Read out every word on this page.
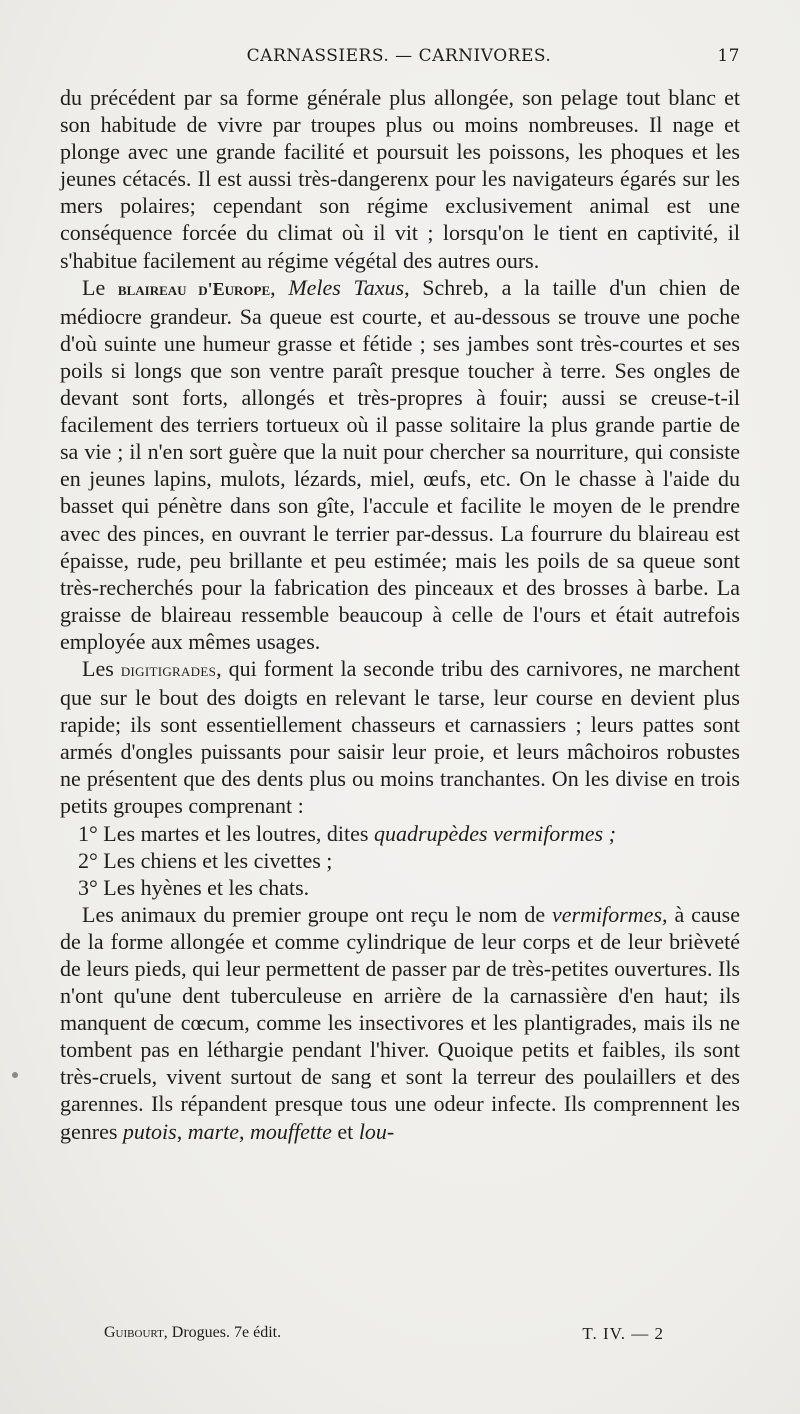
CARNASSIERS. — CARNIVORES.	17

du précédent par sa forme générale plus allongée, son pelage tout blanc et son habitude de vivre par troupes plus ou moins nombreuses. Il nage et plonge avec une grande facilité et poursuit les poissons, les phoques et les jeunes cétacés. Il est aussi très-dangerenx pour les navigateurs égarés sur les mers polaires; cependant son régime exclusivement animal est une conséquence forcée du climat où il vit ; lorsqu'on le tient en captivité, il s'habitue facilement au régime végétal des autres ours.

Le blaireau d'Europe, Meles Taxus, Schreb, a la taille d'un chien de médiocre grandeur. Sa queue est courte, et au-dessous se trouve une poche d'où suinte une humeur grasse et fétide ; ses jambes sont très-courtes et ses poils si longs que son ventre paraît presque toucher à terre. Ses ongles de devant sont forts, allongés et très-propres à fouir; aussi se creuse-t-il facilement des terriers tortueux où il passe solitaire la plus grande partie de sa vie ; il n'en sort guère que la nuit pour chercher sa nourriture, qui consiste en jeunes lapins, mulots, lézards, miel, œufs, etc. On le chasse à l'aide du basset qui pénètre dans son gîte, l'accule et facilite le moyen de le prendre avec des pinces, en ouvrant le terrier par-dessus. La fourrure du blaireau est épaisse, rude, peu brillante et peu estimée; mais les poils de sa queue sont très-recherchés pour la fabrication des pinceaux et des brosses à barbe. La graisse de blaireau ressemble beaucoup à celle de l'ours et était autrefois employée aux mêmes usages.

Les digitigrades, qui forment la seconde tribu des carnivores, ne marchent que sur le bout des doigts en relevant le tarse, leur course en devient plus rapide; ils sont essentiellement chasseurs et carnassiers ; leurs pattes sont armés d'ongles puissants pour saisir leur proie, et leurs mâchoiros robustes ne présentent que des dents plus ou moins tranchantes. On les divise en trois petits groupes comprenant :

1° Les martes et les loutres, dites quadrupèdes vermiformes ;

2° Les chiens et les civettes ;

3° Les hyènes et les chats.

Les animaux du premier groupe ont reçu le nom de vermiformes, à cause de la forme allongée et comme cylindrique de leur corps et de leur brièveté de leurs pieds, qui leur permettent de passer par de très-petites ouvertures. Ils n'ont qu'une dent tuberculeuse en arrière de la carnassière d'en haut; ils manquent de cœcum, comme les insectivores et les plantigrades, mais ils ne tombent pas en léthargie pendant l'hiver. Quoique petits et faibles, ils sont très-cruels, vivent surtout de sang et sont la terreur des poulaillers et des garennes. Ils répandent presque tous une odeur infecte. Ils comprennent les genres putois, marte, mouffette et lou-

Guibourt, Drogues. 7e édit.	T. IV. — 2
